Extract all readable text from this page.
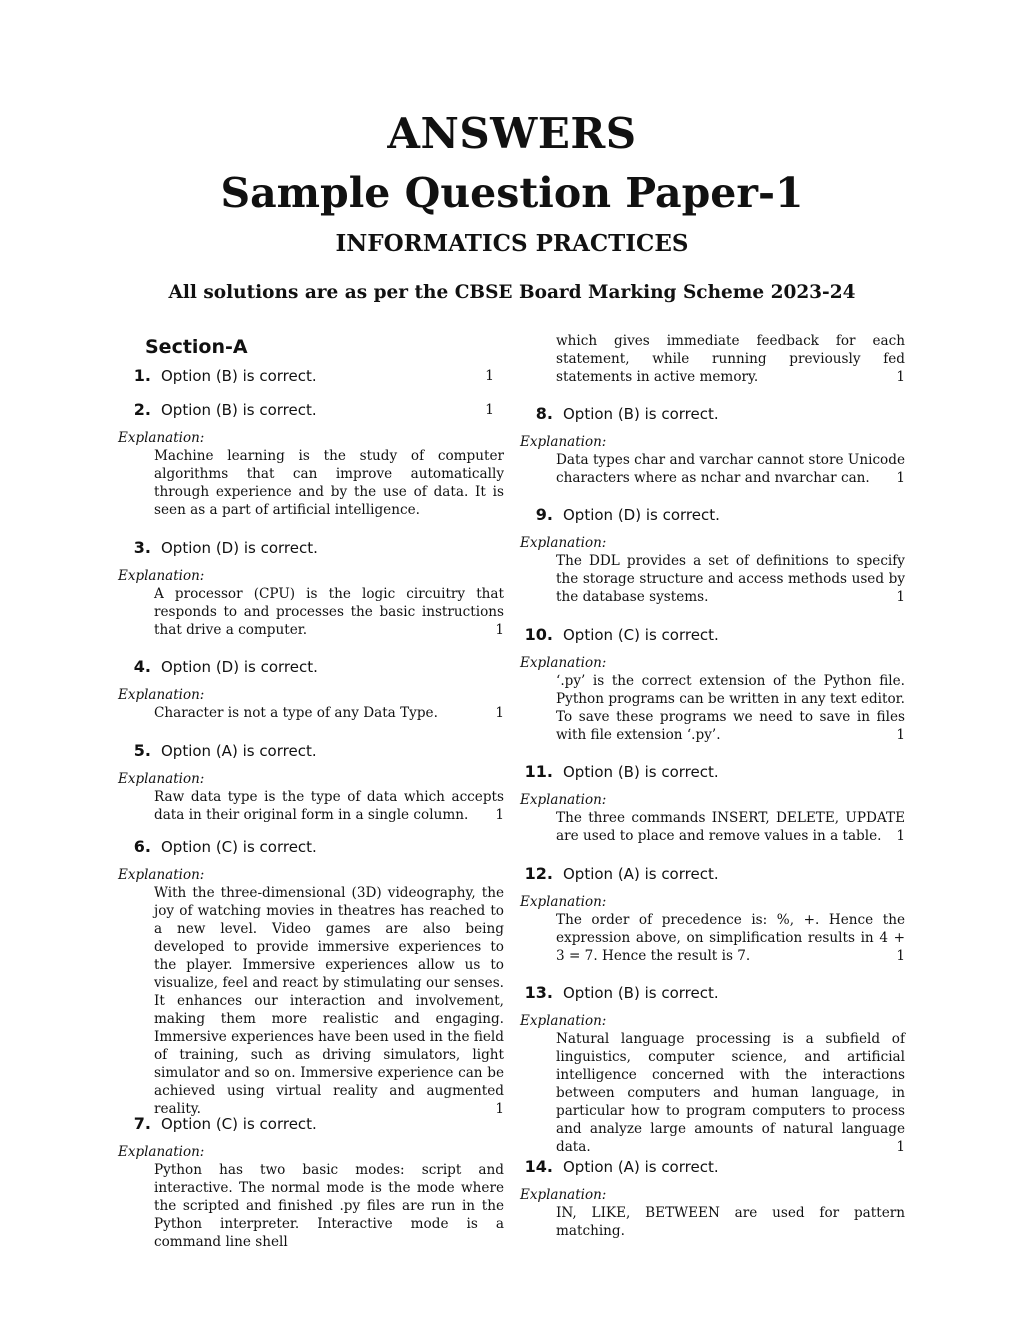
ANSWERS
Sample Question Paper-1
INFORMATICS PRACTICES
All solutions are as per the CBSE Board Marking Scheme 2023-24
Section-A
1. Option (B) is correct.	1
2. Option (B) is correct.	1
Explanation:
Machine learning is the study of computer algorithms that can improve automatically through experience and by the use of data. It is seen as a part of artificial intelligence.
3. Option (D) is correct.
Explanation:
A processor (CPU) is the logic circuitry that responds to and processes the basic instructions that drive a computer.	1
4. Option (D) is correct.
Explanation:
Character is not a type of any Data Type.	1
5. Option (A) is correct.
Explanation:
Raw data type is the type of data which accepts data in their original form in a single column. 1
6. Option (C) is correct.
Explanation:
With the three-dimensional (3D) videography, the joy of watching movies in theatres has reached to a new level. Video games are also being developed to provide immersive experiences to the player. Immersive experiences allow us to visualize, feel and react by stimulating our senses. It enhances our interaction and involvement, making them more realistic and engaging. Immersive experiences have been used in the field of training, such as driving simulators, light simulator and so on. Immersive experience can be achieved using virtual reality and augmented reality.	1
7. Option (C) is correct.
Explanation:
Python has two basic modes: script and interactive. The normal mode is the mode where the scripted and finished .py files are run in the Python interpreter. Interactive mode is a command line shell
which gives immediate feedback for each statement, while running previously fed statements in active memory.	1
8. Option (B) is correct.
Explanation:
Data types char and varchar cannot store Unicode characters where as nchar and nvarchar can. 1
9. Option (D) is correct.
Explanation:
The DDL provides a set of definitions to specify the storage structure and access methods used by the database systems.	1
10. Option (C) is correct.
Explanation:
‘.py’ is the correct extension of the Python file. Python programs can be written in any text editor. To save these programs we need to save in files with file extension ‘.py’.	1
11. Option (B) is correct.
Explanation:
The three commands INSERT, DELETE, UPDATE are used to place and remove values in a table. 1
12. Option (A) is correct.
Explanation:
The order of precedence is: %, +. Hence the expression above, on simplification results in 4 + 3 = 7. Hence the result is 7.	1
13. Option (B) is correct.
Explanation:
Natural language processing is a subfield of linguistics, computer science, and artificial intelligence concerned with the interactions between computers and human language, in particular how to program computers to process and analyze large amounts of natural language data.	1
14. Option (A) is correct.
Explanation:
IN, LIKE, BETWEEN are used for pattern matching.
